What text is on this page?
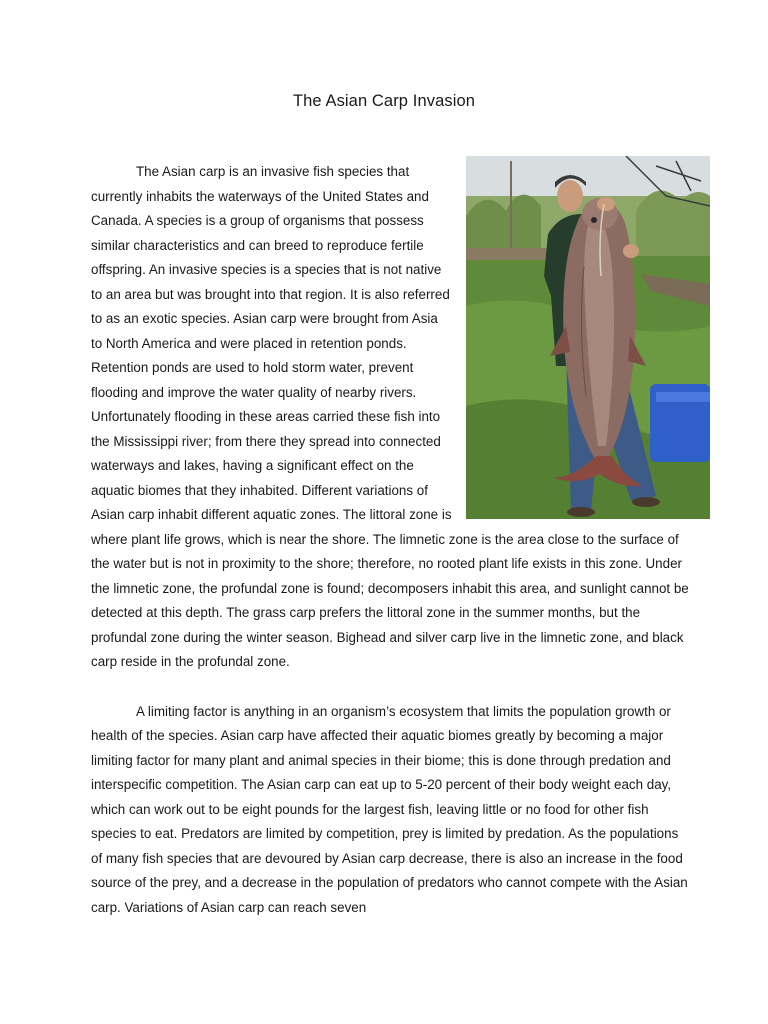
The Asian Carp Invasion

The Asian carp is an invasive fish species that currently inhabits the waterways of the United States and Canada. A species is a group of organisms that possess similar characteristics and can breed to reproduce fertile offspring. An invasive species is a species that is not native to an area but was brought into that region. It is also referred to as an exotic species. Asian carp were brought from Asia to North America and were placed in retention ponds. Retention ponds are used to hold storm water, prevent flooding and improve the water quality of nearby rivers. Unfortunately flooding in these areas carried these fish into the Mississippi river; from there they spread into connected waterways and lakes, having a significant effect on the aquatic biomes that they inhabited. Different variations of Asian carp inhabit different aquatic zones. The littoral zone is where plant life grows, which is near the shore. The limnetic zone is the area close to the surface of the water but is not in proximity to the shore; therefore, no rooted plant life exists in this zone. Under the limnetic zone, the profundal zone is found; decomposers inhabit this area, and sunlight cannot be detected at this depth. The grass carp prefers the littoral zone in the summer months, but the profundal zone during the winter season. Bighead and silver carp live in the limnetic zone, and black carp reside in the profundal zone.

A limiting factor is anything in an organism’s ecosystem that limits the population growth or health of the species. Asian carp have affected their aquatic biomes greatly by becoming a major limiting factor for many plant and animal species in their biome; this is done through predation and interspecific competition. The Asian carp can eat up to 5-20 percent of their body weight each day, which can work out to be eight pounds for the largest fish, leaving little or no food for other fish species to eat. Predators are limited by competition, prey is limited by predation. As the populations of many fish species that are devoured by Asian carp decrease, there is also an increase in the food source of the prey, and a decrease in the population of predators who cannot compete with the Asian carp. Variations of Asian carp can reach seven
